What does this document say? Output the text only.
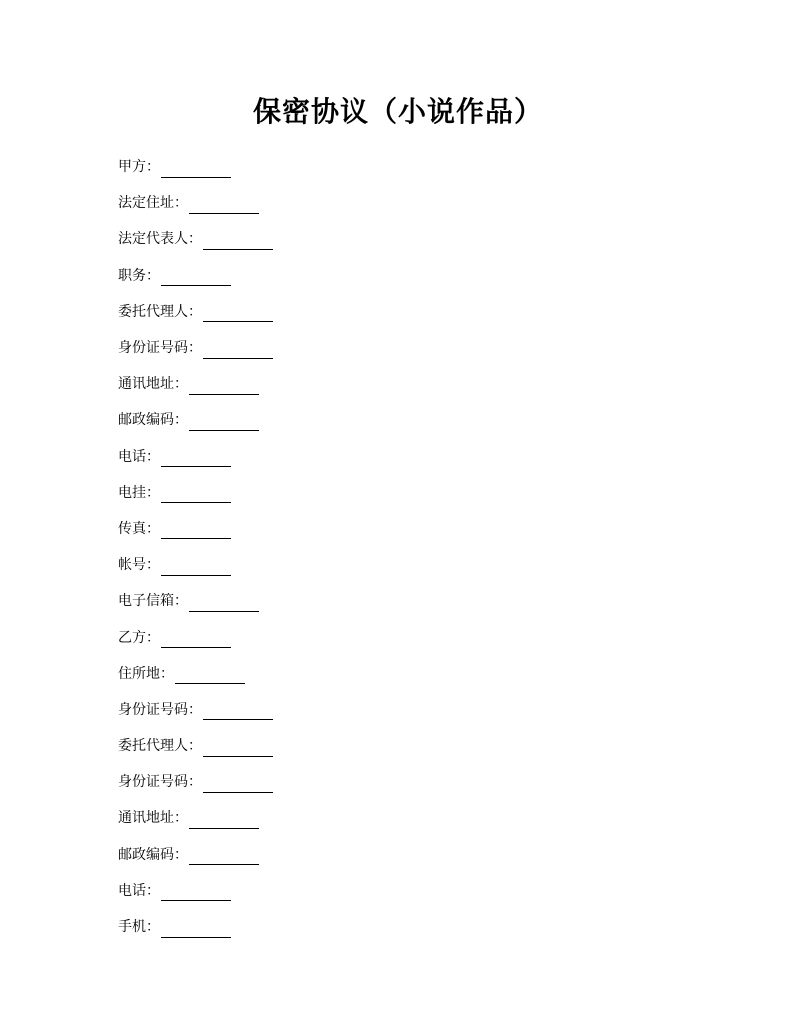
保密协议（小说作品）
甲方：
法定住址：
法定代表人：
职务：
委托代理人：
身份证号码：
通讯地址：
邮政编码：
电话：
电挂：
传真：
帐号：
电子信箱：
乙方：
住所地：
身份证号码：
委托代理人：
身份证号码：
通讯地址：
邮政编码：
电话：
手机：
